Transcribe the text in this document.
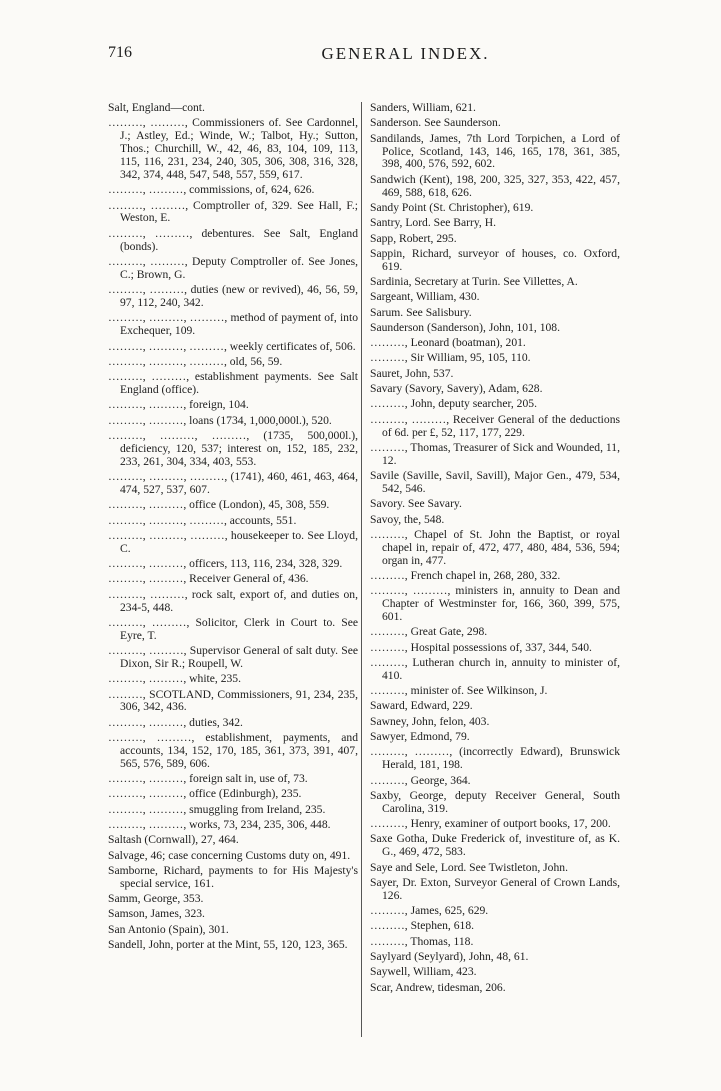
716	GENERAL INDEX.
Salt, England—cont.
………, ………, Commissioners of. See Cardonnel, J.; Astley, Ed.; Winde, W.; Talbot, Hy.; Sutton, Thos.; Churchill, W., 42, 46, 83, 104, 109, 113, 115, 116, 231, 234, 240, 305, 306, 308, 316, 328, 342, 374, 448, 547, 548, 557, 559, 617.
………, ………, commissions, of, 624, 626.
………, ………, Comptroller of, 329. See Hall, F.; Weston, E.
………, ………, debentures. See Salt, England (bonds).
………, ………, Deputy Comptroller of. See Jones, C.; Brown, G.
………, ………, duties (new or revived), 46, 56, 59, 97, 112, 240, 342.
………, ………, ………, method of payment of, into Exchequer, 109.
………, ………, ………, weekly certificates of, 506.
………, ………, ………, old, 56, 59.
………, ………, establishment payments. See Salt England (office).
………, ………, foreign, 104.
………, ………, loans (1734, 1,000,000l.), 520.
………, ………, ………, (1735, 500,000l.), deficiency, 120, 537; interest on, 152, 185, 232, 233, 261, 304, 334, 403, 553.
………, ………, ………, (1741), 460, 461, 463, 464, 474, 527, 537, 607.
………, ………, office (London), 45, 308, 559.
………, ………, ………, accounts, 551.
………, ………, ………, housekeeper to. See Lloyd, C.
………, ………, officers, 113, 116, 234, 328, 329.
………, ………, Receiver General of, 436.
………, ………, rock salt, export of, and duties on, 234-5, 448.
………, ………, Solicitor, Clerk in Court to. See Eyre, T.
………, ………, Supervisor General of salt duty. See Dixon, Sir R.; Roupell, W.
………, ………, white, 235.
………, SCOTLAND, Commissioners, 91, 234, 235, 306, 342, 436.
………, ………, duties, 342.
………, ………, establishment, payments, and accounts, 134, 152, 170, 185, 361, 373, 391, 407, 565, 576, 589, 606.
………, ………, foreign salt in, use of, 73.
………, ………, office (Edinburgh), 235.
………, ………, smuggling from Ireland, 235.
………, ………, works, 73, 234, 235, 306, 448.
Saltash (Cornwall), 27, 464.
Salvage, 46; case concerning Customs duty on, 491.
Samborne, Richard, payments to for His Majesty's special service, 161.
Samm, George, 353.
Samson, James, 323.
San Antonio (Spain), 301.
Sandell, John, porter at the Mint, 55, 120, 123, 365.
Sanders, William, 621.
Sanderson. See Saunderson.
Sandilands, James, 7th Lord Torpichen, a Lord of Police, Scotland, 143, 146, 165, 178, 361, 385, 398, 400, 576, 592, 602.
Sandwich (Kent), 198, 200, 325, 327, 353, 422, 457, 469, 588, 618, 626.
Sandy Point (St. Christopher), 619.
Santry, Lord. See Barry, H.
Sapp, Robert, 295.
Sappin, Richard, surveyor of houses, co. Oxford, 619.
Sardinia, Secretary at Turin. See Villettes, A.
Sargeant, William, 430.
Sarum. See Salisbury.
Saunderson (Sanderson), John, 101, 108.
………, Leonard (boatman), 201.
………, Sir William, 95, 105, 110.
Sauret, John, 537.
Savary (Savory, Savery), Adam, 628.
………, John, deputy searcher, 205.
………, ………, Receiver General of the deductions of 6d. per £, 52, 117, 177, 229.
………, Thomas, Treasurer of Sick and Wounded, 11, 12.
Savile (Saville, Savil, Savill), Major Gen., 479, 534, 542, 546.
Savory. See Savary.
Savoy, the, 548.
………, Chapel of St. John the Baptist, or royal chapel in, repair of, 472, 477, 480, 484, 536, 594; organ in, 477.
………, French chapel in, 268, 280, 332.
………, ………, ministers in, annuity to Dean and Chapter of Westminster for, 166, 360, 399, 575, 601.
………, Great Gate, 298.
………, Hospital possessions of, 337, 344, 540.
………, Lutheran church in, annuity to minister of, 410.
………, minister of. See Wilkinson, J.
Saward, Edward, 229.
Sawney, John, felon, 403.
Sawyer, Edmond, 79.
………, ………, (incorrectly Edward), Brunswick Herald, 181, 198.
………, George, 364.
Saxby, George, deputy Receiver General, South Carolina, 319.
………, Henry, examiner of outport books, 17, 200.
Saxe Gotha, Duke Frederick of, investiture of, as K. G., 469, 472, 583.
Saye and Sele, Lord. See Twistleton, John.
Sayer, Dr. Exton, Surveyor General of Crown Lands, 126.
………, James, 625, 629.
………, Stephen, 618.
………, Thomas, 118.
Saylyard (Seylyard), John, 48, 61.
Saywell, William, 423.
Scar, Andrew, tidesman, 206.
